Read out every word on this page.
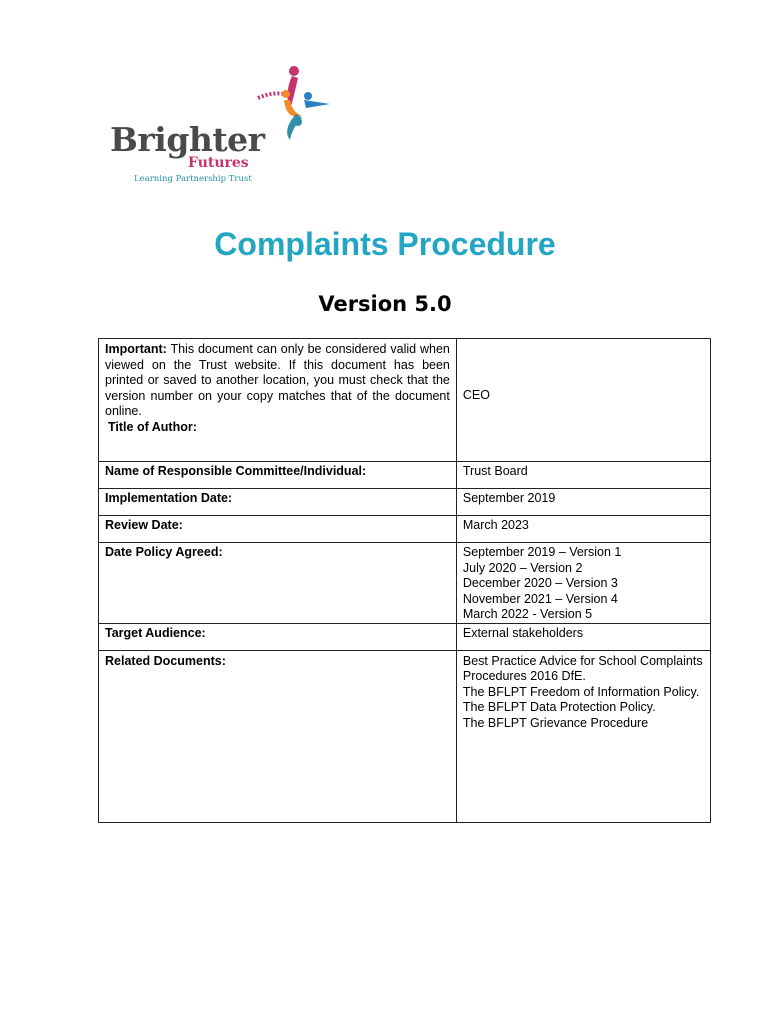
Brighter
Futures
Learning Partnership Trust
Complaints Procedure
Version 5.0
Important: This document can only be considered valid when viewed on the Trust website. If this document has been printed or saved to another location, you must check that the version number on your copy matches that of the document online.
Title of Author:	CEO
Name of Responsible Committee/Individual:	Trust Board
Implementation Date:	September 2019
Review Date:	March 2023
Date Policy Agreed:	September 2019 – Version 1
July 2020 – Version 2
December 2020 – Version 3
November 2021 – Version 4
March 2022 - Version 5

Target Audience:	External stakeholders
Related Documents:	Best Practice Advice for School Complaints Procedures 2016 DfE.
The BFLPT Freedom of Information Policy.
The BFLPT Data Protection Policy.
The BFLPT Grievance Procedure
